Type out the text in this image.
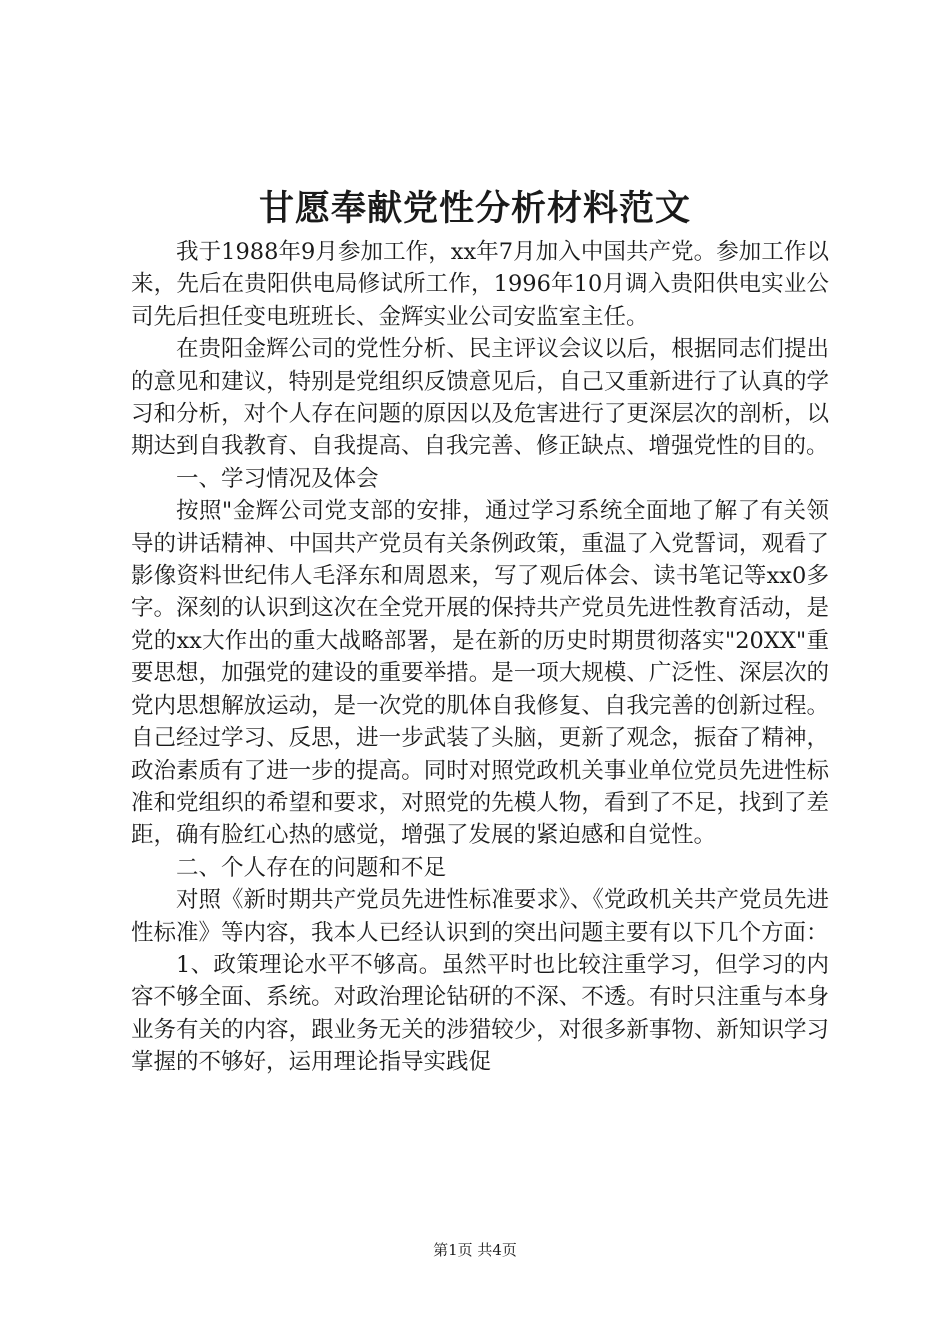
甘愿奉献党性分析材料范文

我于1988年9月参加工作，xx年7月加入中国共产党。参加工作以来，先后在贵阳供电局修试所工作，1996年10月调入贵阳供电实业公司先后担任变电班班长、金辉实业公司安监室主任。

在贵阳金辉公司的党性分析、民主评议会议以后，根据同志们提出的意见和建议，特别是党组织反馈意见后，自己又重新进行了认真的学习和分析，对个人存在问题的原因以及危害进行了更深层次的剖析，以期达到自我教育、自我提高、自我完善、修正缺点、增强党性的目的。

一、学习情况及体会

按照"金辉公司党支部的安排，通过学习系统全面地了解了有关领导的讲话精神、中国共产党员有关条例政策，重温了入党誓词，观看了影像资料世纪伟人毛泽东和周恩来，写了观后体会、读书笔记等xx0多字。深刻的认识到这次在全党开展的保持共产党员先进性教育活动，是党的xx大作出的重大战略部署，是在新的历史时期贯彻落实"20XX"重要思想，加强党的建设的重要举措。是一项大规模、广泛性、深层次的党内思想解放运动，是一次党的肌体自我修复、自我完善的创新过程。自己经过学习、反思，进一步武装了头脑，更新了观念，振奋了精神，政治素质有了进一步的提高。同时对照党政机关事业单位党员先进性标准和党组织的希望和要求，对照党的先模人物，看到了不足，找到了差距，确有脸红心热的感觉，增强了发展的紧迫感和自觉性。

二、个人存在的问题和不足

对照《新时期共产党员先进性标准要求》、《党政机关共产党员先进性标准》等内容，我本人已经认识到的突出问题主要有以下几个方面：

1、政策理论水平不够高。虽然平时也比较注重学习，但学习的内容不够全面、系统。对政治理论钻研的不深、不透。有时只注重与本身业务有关的内容，跟业务无关的涉猎较少，对很多新事物、新知识学习掌握的不够好，运用理论指导实践促

第1页 共4页
